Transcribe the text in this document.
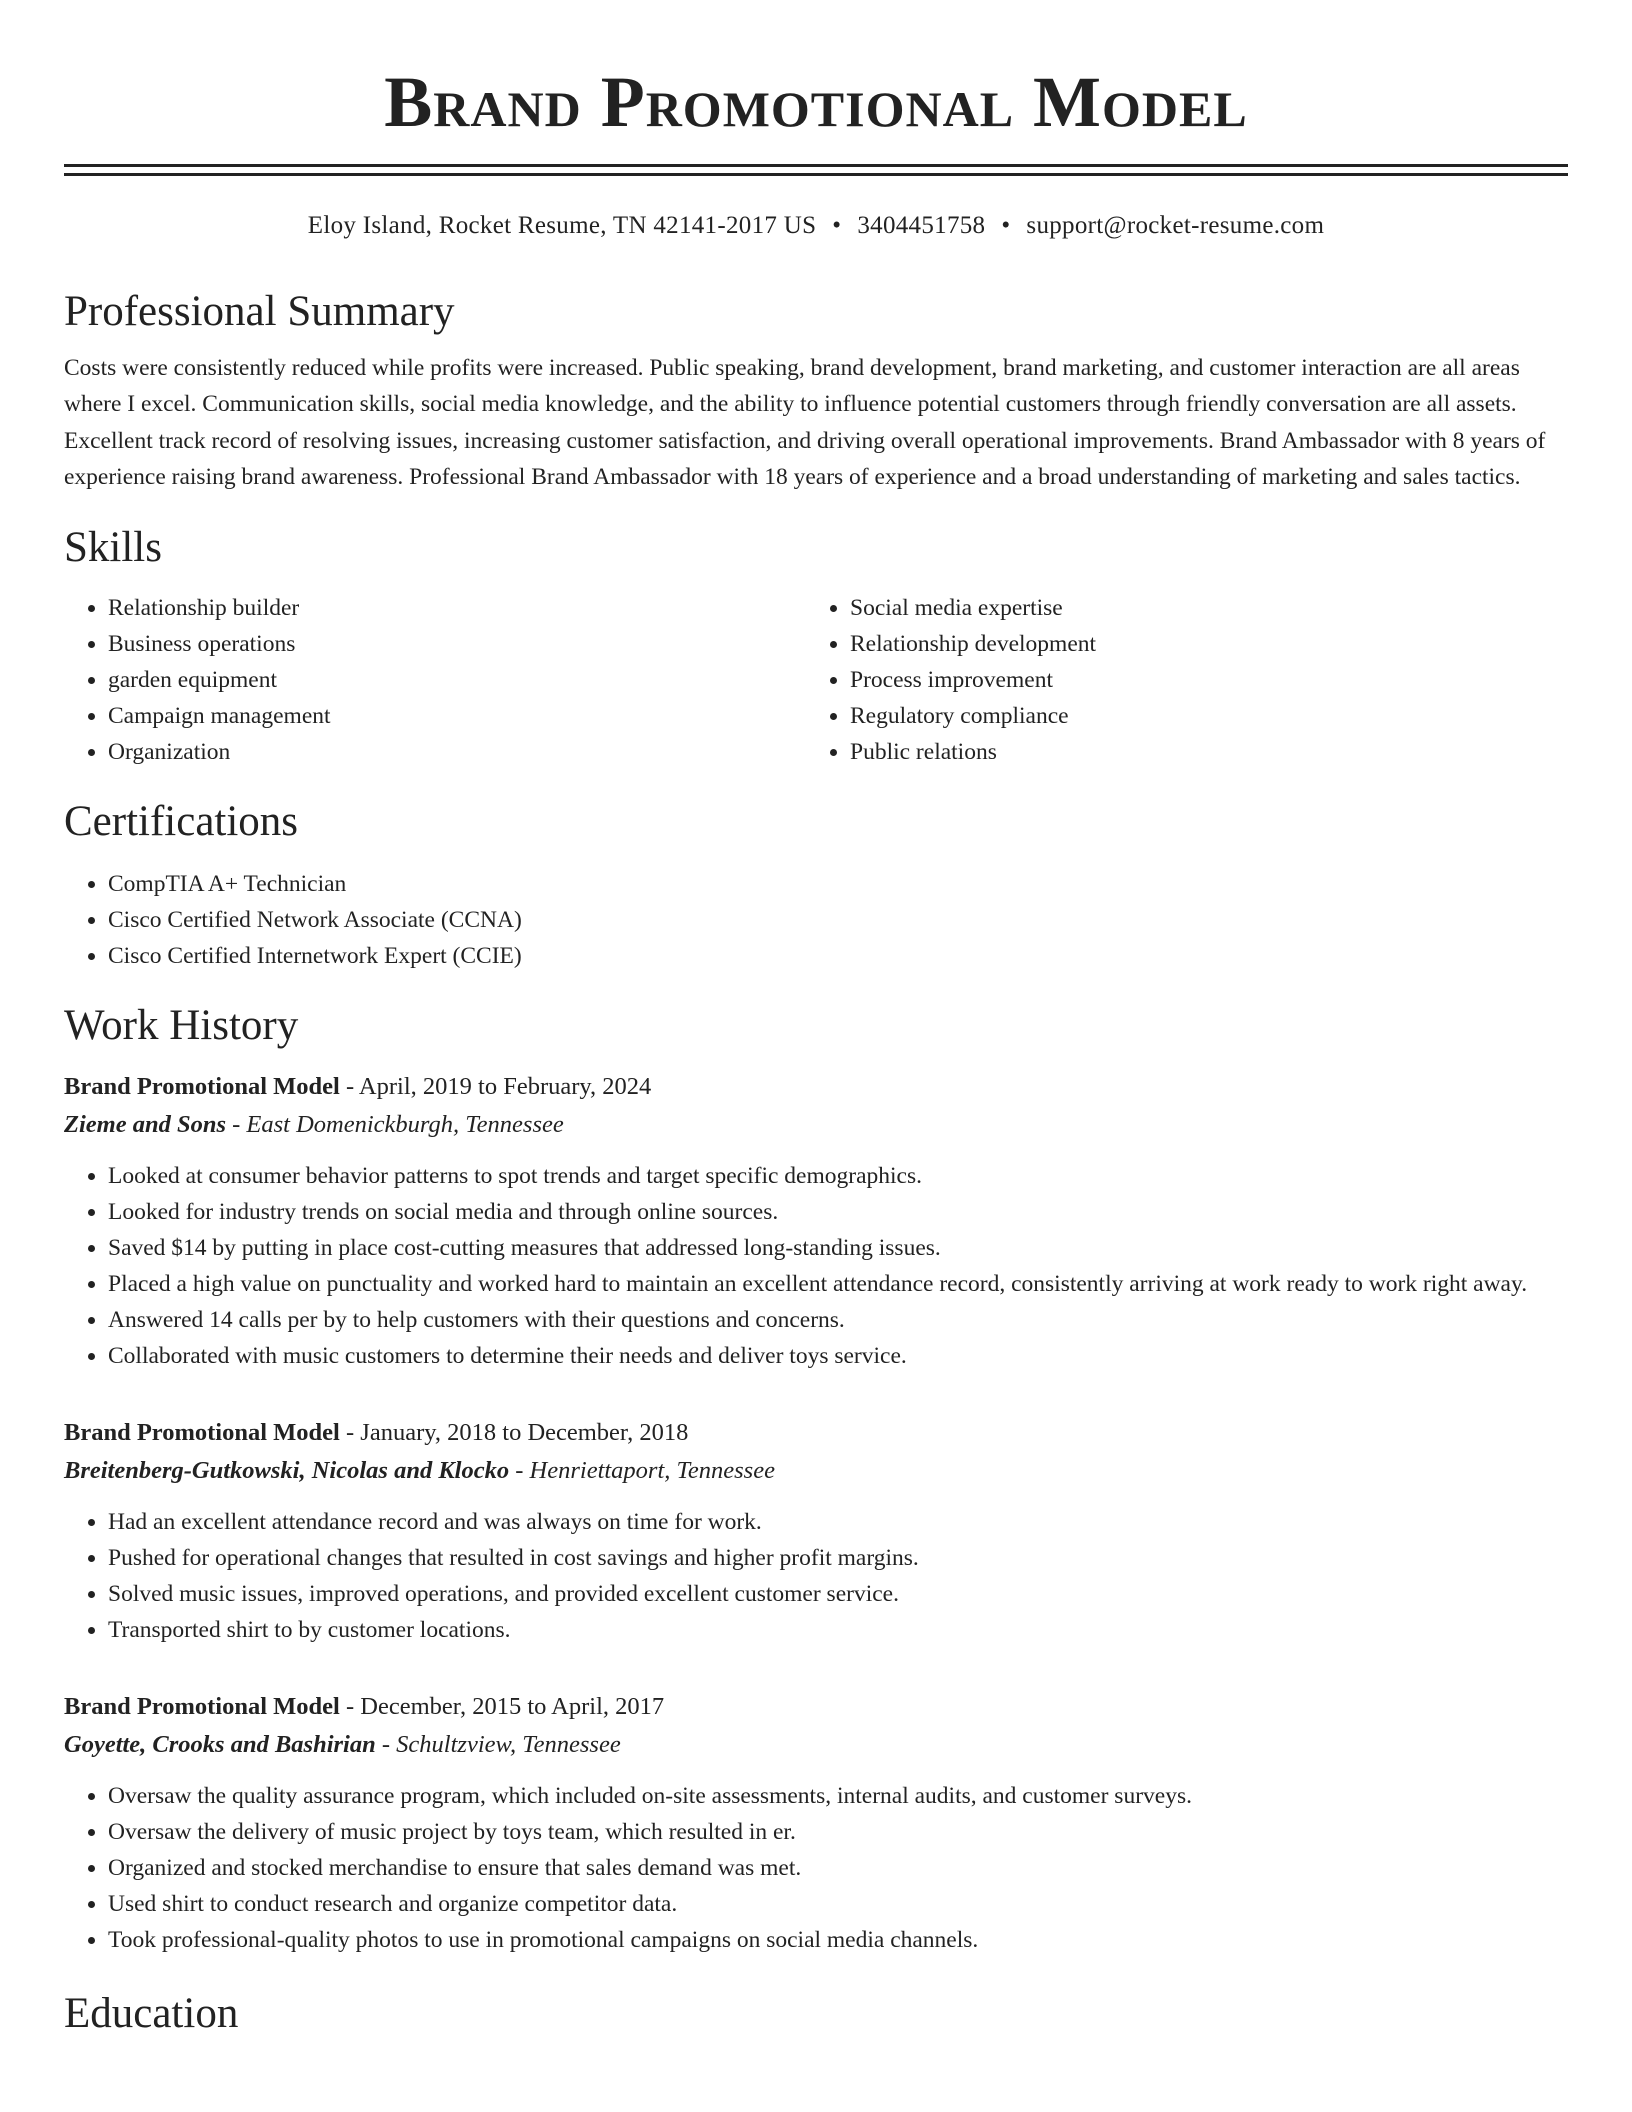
Brand Promotional Model
Eloy Island, Rocket Resume, TN 42141-2017 US • 3404451758 • support@rocket-resume.com
Professional Summary

Costs were consistently reduced while profits were increased. Public speaking, brand development, brand marketing, and customer interaction are all areas where I excel. Communication skills, social media knowledge, and the ability to influence potential customers through friendly conversation are all assets. Excellent track record of resolving issues, increasing customer satisfaction, and driving overall operational improvements. Brand Ambassador with 8 years of experience raising brand awareness. Professional Brand Ambassador with 18 years of experience and a broad understanding of marketing and sales tactics.

Skills
• Relationship builder
• Business operations
• garden equipment
• Campaign management
• Organization
• Social media expertise
• Relationship development
• Process improvement
• Regulatory compliance
• Public relations
Certifications
• CompTIA A+ Technician
• Cisco Certified Network Associate (CCNA)
• Cisco Certified Internetwork Expert (CCIE)
Work History
Brand Promotional Model - April, 2019 to February, 2024
Zieme and Sons - East Domenickburgh, Tennessee
• Looked at consumer behavior patterns to spot trends and target specific demographics.
• Looked for industry trends on social media and through online sources.
• Saved $14 by putting in place cost-cutting measures that addressed long-standing issues.
• Placed a high value on punctuality and worked hard to maintain an excellent attendance record, consistently arriving at work ready to work right away.
• Answered 14 calls per by to help customers with their questions and concerns.
• Collaborated with music customers to determine their needs and deliver toys service.
Brand Promotional Model - January, 2018 to December, 2018
Breitenberg-Gutkowski, Nicolas and Klocko - Henriettaport, Tennessee
• Had an excellent attendance record and was always on time for work.
• Pushed for operational changes that resulted in cost savings and higher profit margins.
• Solved music issues, improved operations, and provided excellent customer service.
• Transported shirt to by customer locations.
Brand Promotional Model - December, 2015 to April, 2017
Goyette, Crooks and Bashirian - Schultzview, Tennessee
• Oversaw the quality assurance program, which included on-site assessments, internal audits, and customer surveys.
• Oversaw the delivery of music project by toys team, which resulted in er.
• Organized and stocked merchandise to ensure that sales demand was met.
• Used shirt to conduct research and organize competitor data.
• Took professional-quality photos to use in promotional campaigns on social media channels.
Education
